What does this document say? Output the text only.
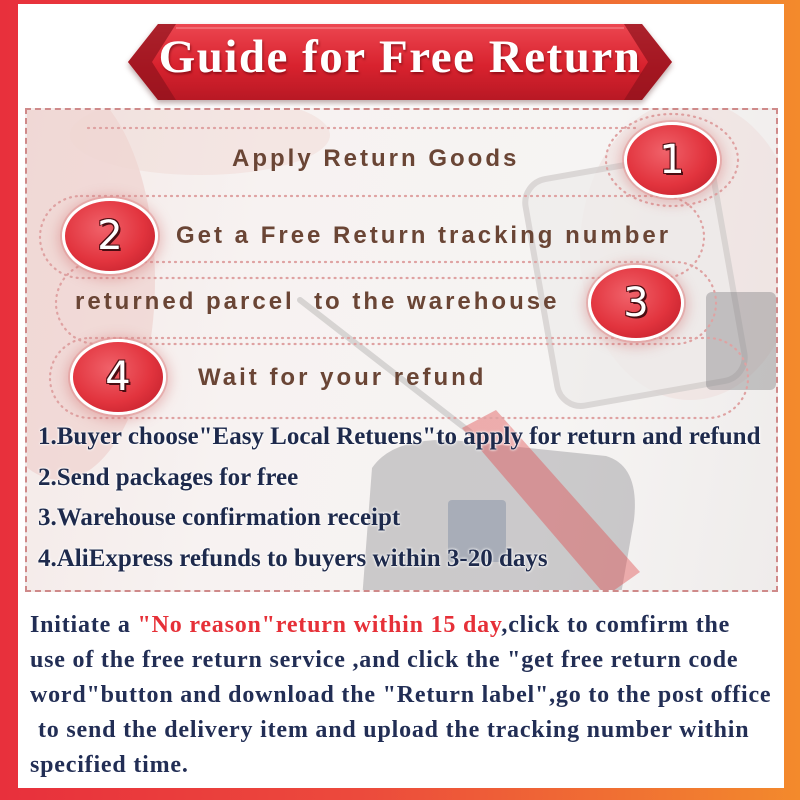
Guide for Free Return
Apply Return Goods	1
2 Get a Free Return tracking number
returned parcel  to the warehouse 3
4	Wait for your refund
1.Buyer choose"Easy Local Retuens"to apply for return and refund
2.Send packages for free
3.Warehouse confirmation receipt
4.AliExpress refunds to buyers within 3-20 days
Initiate a "No reason"return within 15 day,click to comfirm the
use of the free return service ,and click the "get free return code
word"button and download the "Return label",go to the post office
to send the delivery item and upload the tracking number within
specified time.
